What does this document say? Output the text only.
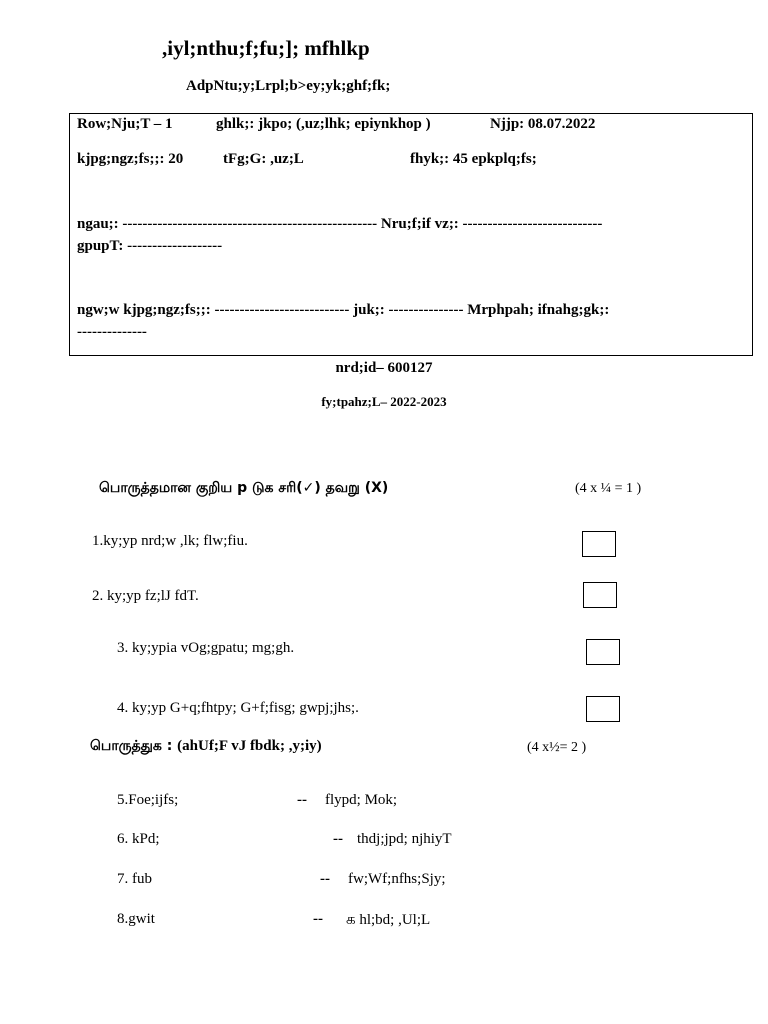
,iyl;nthu;f;fu;]; mfhlkp
AdpNtu;y;Lrpl;b>ey;yk;ghf;fk;
Row;Nju;T – 1	ghlk;: jkpo; (,uz;lhk; epiynkhop )	Njjp: 08.07.2022
kjpg;ngz;fs;;: 20	tFg;G: ,uz;L	fhyk;: 45 epkplq;fs;
ngau;: --------------------------------------------------- Nru;f;if vz;: ----------------------------
gpupT: -------------------
ngw;w kjpg;ngz;fs;;: --------------------------- juk;: --------------- Mrphpah; ifnahg;gk;:
--------------
nrd;id– 600127
fy;tpahz;L– 2022-2023
பொருத்தமான குறிய p டுக சரி(✓) தவறு (X)	(4 x ¼ = 1 )
1.ky;yp nrd;w ,lk; flw;fiu.
2. ky;yp fz;lJ fdT.
3. ky;ypia vOg;gpatu; mg;gh.
4. ky;yp G+q;fhtpy; G+f;fisg; gwpj;jhs;.
பொருத்துக : (ahUf;F vJ fbdk; ,y;iy)	(4 x½= 2 )
5.Foe;ijfs;	-- flypd; Mok;
6. kPd;	-- thdj;jpd; njhiyT
7. fub	-- fw;Wf;nfhs;Sjy;
8.gwit	-- க hl;bd; ,Ul;L
